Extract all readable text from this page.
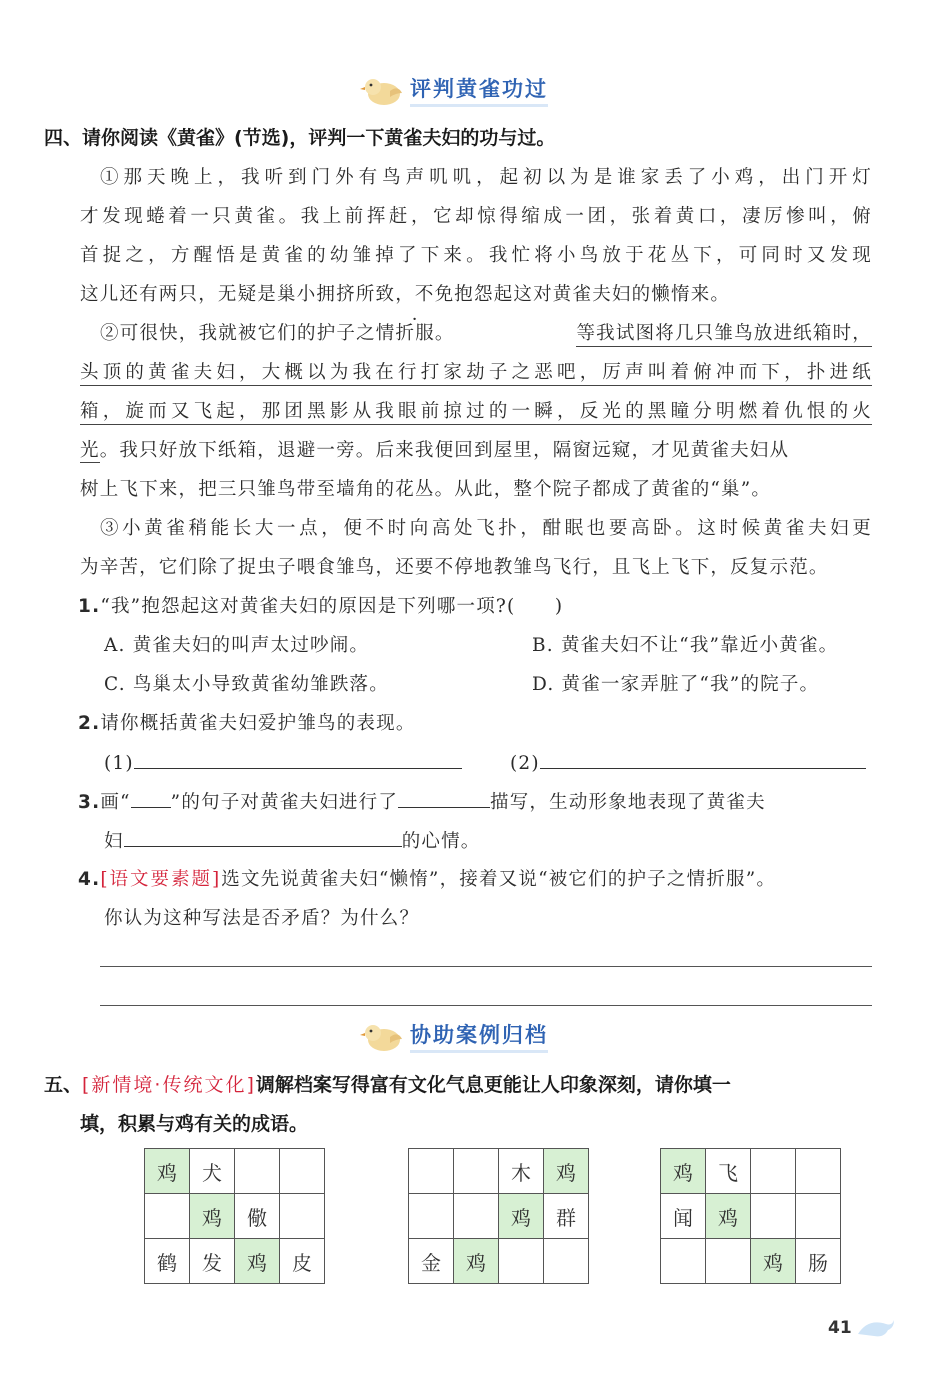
评判黄雀功过
四、请你阅读《黄雀》(节选)，评判一下黄雀夫妇的功与过。
①那天晚上，我听到门外有鸟声叽叽，起初以为是谁家丢了小鸡，出门开灯
才发现蜷着一只黄雀。我上前挥赶，它却惊得缩成一团，张着黄口，凄厉惨叫，俯
首捉之，方醒悟是黄雀的幼雏掉了下来。我忙将小鸟放于花丛下，可同时又发现
这儿还有两只，无疑是巢小拥挤所致，不免抱怨起这对黄雀夫妇的懒惰来。
②可很快，我就被它们的护子之情折服。	等我试图将几只雏鸟放进纸箱时，
头顶的黄雀夫妇，大概以为我在行打家劫子之恶吧，厉声叫着俯冲而下，扑进纸
箱，旋而又飞起，那团黑影从我眼前掠过的一瞬，反光的黑瞳分明燃着仇恨的火
光。我只好放下纸箱，退避一旁。后来我便回到屋里，隔窗远窥，才见黄雀夫妇从
树上飞下来，把三只雏鸟带至墙角的花丛。从此，整个院子都成了黄雀的“巢”。
③小黄雀稍能长大一点，便不时向高处飞扑，酣眠也要高卧。这时候黄雀夫妇更
为辛苦，它们除了捉虫子喂食雏鸟，还要不停地教雏鸟飞行，且飞上飞下，反复示范。
1.“我”抱怨起这对黄雀夫妇的原因是下列哪一项?(　　)
A. 黄雀夫妇的叫声太过吵闹。	B. 黄雀夫妇不让“我”靠近小黄雀。
C. 鸟巢太小导致黄雀幼雏跌落。	D. 黄雀一家弄脏了“我”的院子。
2.请你概括黄雀夫妇爱护雏鸟的表现。
(1)	(2)
3.画“ ”的句子对黄雀夫妇进行了	描写，生动形象地表现了黄雀夫
妇	的心情。
4.[语文要素题]选文先说黄雀夫妇“懒惰”，接着又说“被它们的护子之情折服”。
你认为这种写法是否矛盾？为什么？
协助案例归档
五、[新情境·传统文化]调解档案写得富有文化气息更能让人印象深刻，请你填一
填，积累与鸡有关的成语。
鸡	犬		
	鸡	儆	
鹤	发	鸡	皮
		木	鸡
		鸡	群
金	鸡		
鸡	飞		
闻	鸡		
		鸡	肠
41
